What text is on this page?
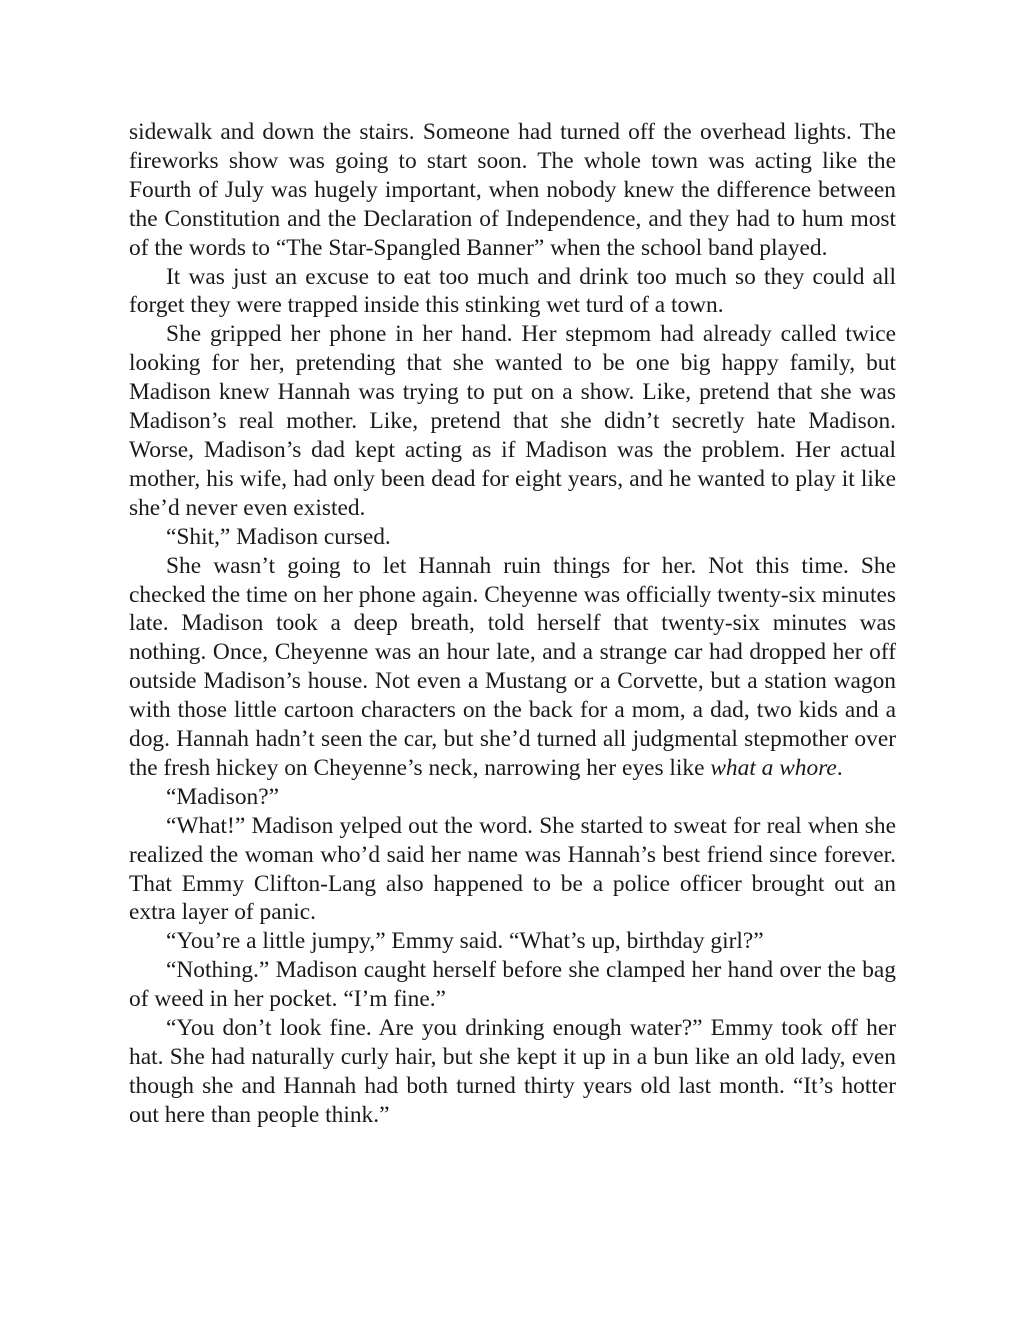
sidewalk and down the stairs. Someone had turned off the overhead lights. The fireworks show was going to start soon. The whole town was acting like the Fourth of July was hugely important, when nobody knew the difference between the Constitution and the Declaration of Independence, and they had to hum most of the words to “The Star-Spangled Banner” when the school band played.

It was just an excuse to eat too much and drink too much so they could all forget they were trapped inside this stinking wet turd of a town.

She gripped her phone in her hand. Her stepmom had already called twice looking for her, pretending that she wanted to be one big happy family, but Madison knew Hannah was trying to put on a show. Like, pretend that she was Madison’s real mother. Like, pretend that she didn’t secretly hate Madison. Worse, Madison’s dad kept acting as if Madison was the problem. Her actual mother, his wife, had only been dead for eight years, and he wanted to play it like she’d never even existed.

“Shit,” Madison cursed.

She wasn’t going to let Hannah ruin things for her. Not this time. She checked the time on her phone again. Cheyenne was officially twenty-six minutes late. Madison took a deep breath, told herself that twenty-six minutes was nothing. Once, Cheyenne was an hour late, and a strange car had dropped her off outside Madison’s house. Not even a Mustang or a Corvette, but a station wagon with those little cartoon characters on the back for a mom, a dad, two kids and a dog. Hannah hadn’t seen the car, but she’d turned all judgmental stepmother over the fresh hickey on Cheyenne’s neck, narrowing her eyes like what a whore.

“Madison?”

“What!” Madison yelped out the word. She started to sweat for real when she realized the woman who’d said her name was Hannah’s best friend since forever. That Emmy Clifton-Lang also happened to be a police officer brought out an extra layer of panic.

“You’re a little jumpy,” Emmy said. “What’s up, birthday girl?”

“Nothing.” Madison caught herself before she clamped her hand over the bag of weed in her pocket. “I’m fine.”

“You don’t look fine. Are you drinking enough water?” Emmy took off her hat. She had naturally curly hair, but she kept it up in a bun like an old lady, even though she and Hannah had both turned thirty years old last month. “It’s hotter out here than people think.”
